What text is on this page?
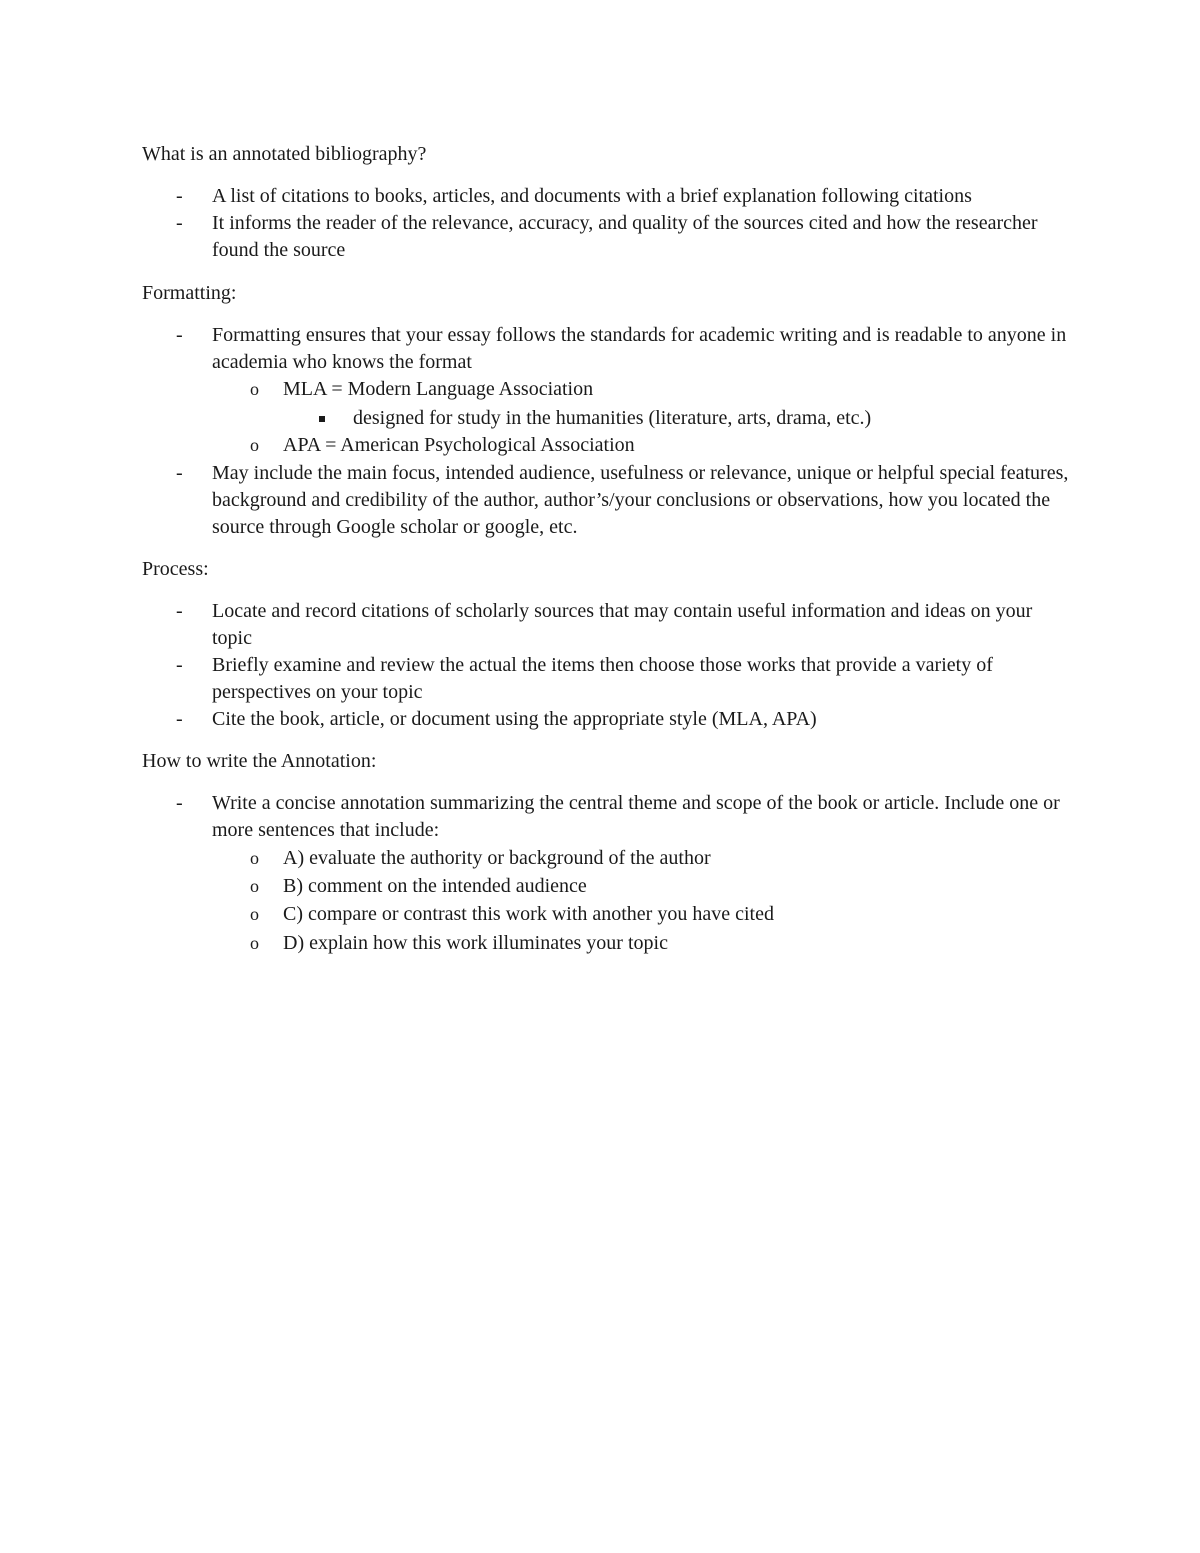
What is an annotated bibliography?
- A list of citations to books, articles, and documents with a brief explanation following citations
- It informs the reader of the relevance, accuracy, and quality of the sources cited and how the researcher found the source
Formatting:
- Formatting ensures that your essay follows the standards for academic writing and is readable to anyone in academia who knows the format
o MLA = Modern Language Association
designed for study in the humanities (literature, arts, drama, etc.)
o APA = American Psychological Association
- May include the main focus, intended audience, usefulness or relevance, unique or helpful special features, background and credibility of the author, author’s/your conclusions or observations, how you located the source through Google scholar or google, etc.
Process:
- Locate and record citations of scholarly sources that may contain useful information and ideas on your topic
- Briefly examine and review the actual the items then choose those works that provide a variety of perspectives on your topic
- Cite the book, article, or document using the appropriate style (MLA, APA)
How to write the Annotation:
- Write a concise annotation summarizing the central theme and scope of the book or article. Include one or more sentences that include:
o A) evaluate the authority or background of the author
o B) comment on the intended audience
o C) compare or contrast this work with another you have cited
o D) explain how this work illuminates your topic
